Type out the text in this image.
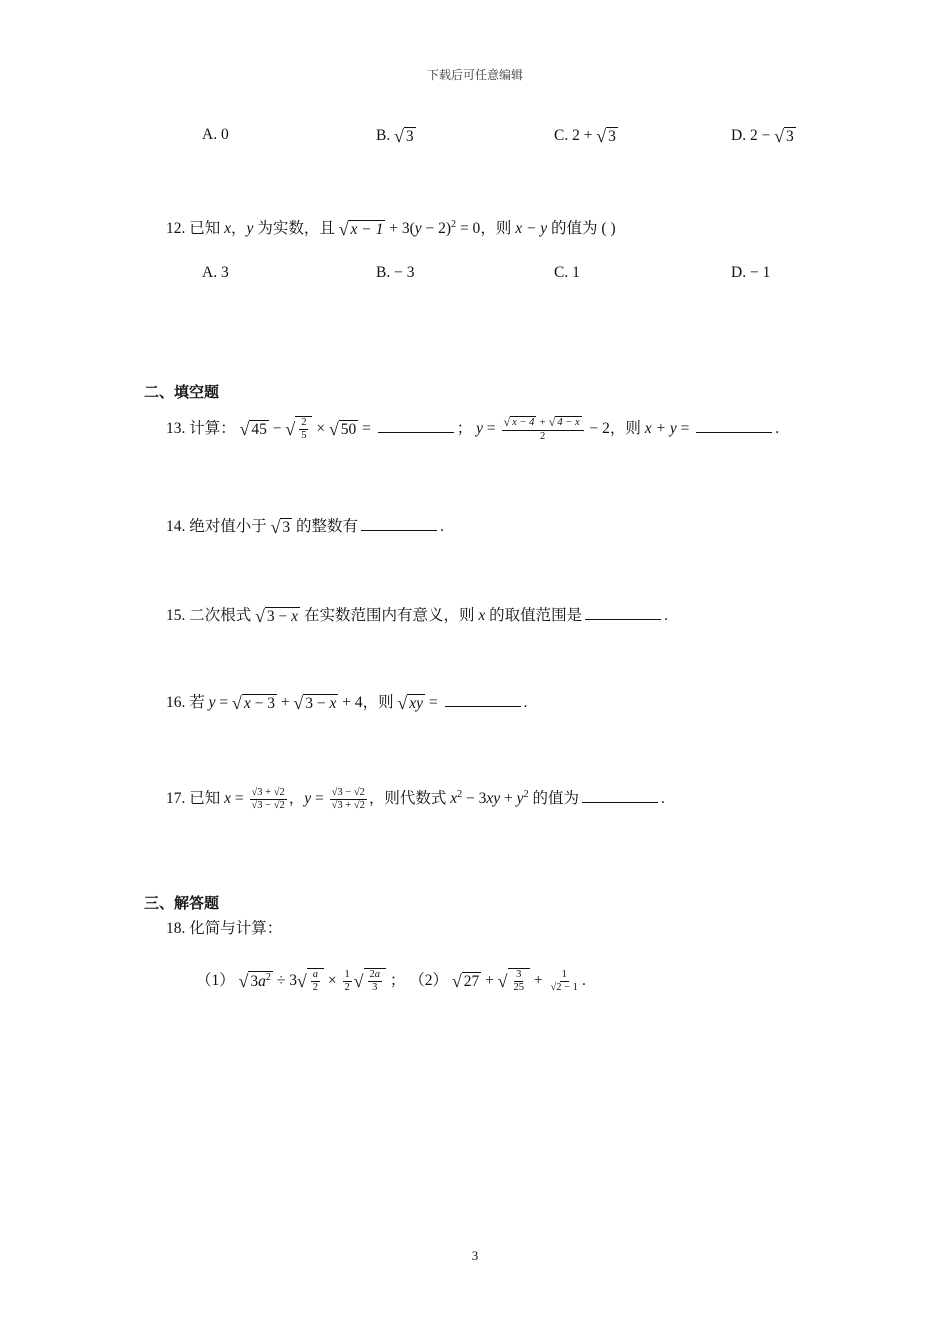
下载后可任意编辑
A. 0	B. √ 3	C. 2 + √ 3	D. 2 − √ 3
12. 已知 x，y 为实数，且 √ $x - 1 + 3(y - 2)^2 = 0$，则 x − y 的值为 ( )
A. 3	B. − 3	C. 1	D. − 1
二、填空题
13. 计算： √ 45 − √ $\frac{2}{5}$ × √ 50 =	； $y = \frac{√ x - 4 + √ 4 - x}{2} - 2$，则 x + y =	.
14. 绝对值小于 √ 3 的整数有	.
15. 二次根式 √ 3 − x 在实数范围内有意义，则 x 的取值范围是	.
16. 若 y = √ x − 3 + √ 3 − x + 4，则 √ xy =	.
17. 已知 $x = \frac{√3 + √2}{√3 - √2}$ ，$y = \frac{√3 - √2}{√3 + √2}$ ，则代数式 $x^2 - 3xy + y^2$ 的值为	.
三、解答题
18. 化简与计算：
（1） √ $3a^2 \div 3√ \frac{a}{2} \times \frac{1}{2}$ √ $\frac{2a}{3}$ ； （2） √ 27 + √ $\frac{3}{25} + \frac{1}{√2 - 1}$ .
3
